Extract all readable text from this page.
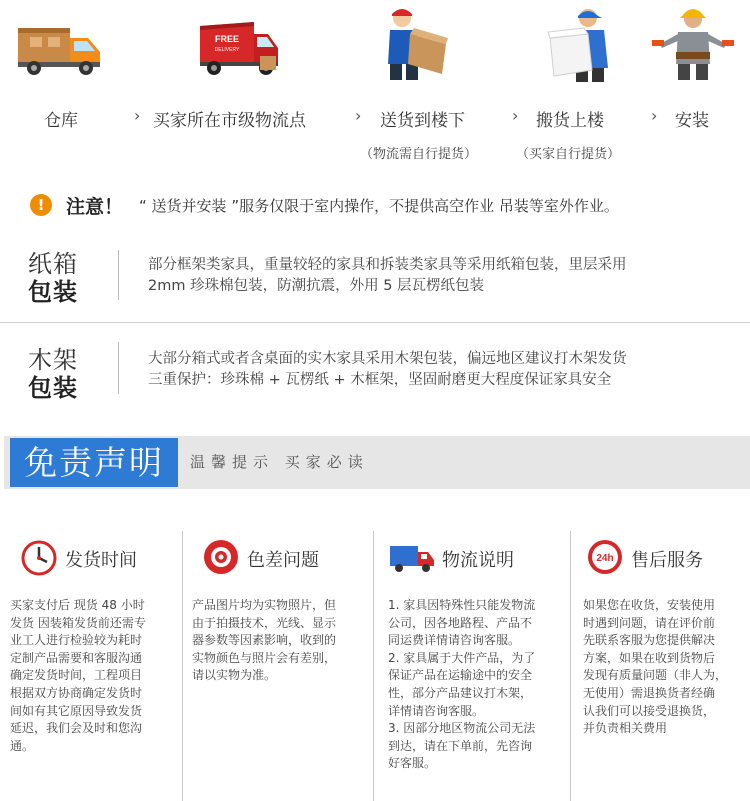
FREE
DELIVERY
仓库	› 买家所在市级物流点	› 送货到楼下	› 搬货上楼	› 安装
（物流需自行提货）	（买家自行提货）
!	注意！ “ 送货并安装 ”服务仅限于室内操作，不提供高空作业 吊装等室外作业。
纸箱
包装
部分框架类家具，重量较轻的家具和拆装类家具等采用纸箱包装，里层采用
2mm 珍珠棉包装，防潮抗震，外用 5 层瓦楞纸包装
木架
包装
大部分箱式或者含桌面的实木家具采用木架包装，偏远地区建议打木架发货
三重保护：珍珠棉 + 瓦楞纸 + 木框架，坚固耐磨更大程度保证家具安全
免责声明	温馨提示 买家必读
发货时间
买家支付后 现货 48 小时
发货 因装箱发货前还需专
业工人进行检验较为耗时
定制产品需要和客服沟通
确定发货时间，工程项目
根据双方协商确定发货时
间如有其它原因导致发货
延迟，我们会及时和您沟
通。
色差问题
产品图片均为实物照片，但
由于拍摄技术，光线、显示
器参数等因素影响，收到的
实物颜色与照片会有差别，
请以实物为准。
物流说明
1. 家具因特殊性只能发物流
公司，因各地路程、产品不
同运费详情请咨询客服。
2. 家具属于大件产品，为了
保证产品在运输途中的安全
性，部分产品建议打木架，
详情请咨询客服。
3. 因部分地区物流公司无法
到达，请在下单前，先咨询
好客服。
24h 售后服务
如果您在收货，安装使用
时遇到问题，请在评价前
先联系客服为您提供解决
方案，如果在收到货物后
发现有质量问题（非人为，
无使用）需退换货者经确
认我们可以接受退换货，
并负责相关费用
